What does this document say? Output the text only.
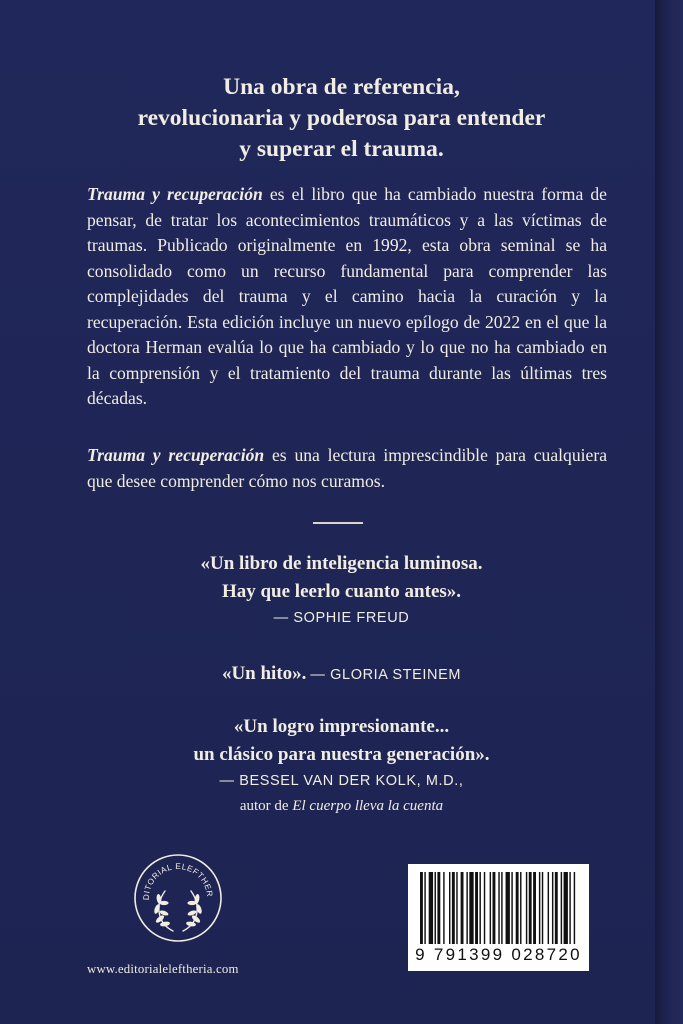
Una obra de referencia,
revolucionaria y poderosa para entender
y superar el trauma.

Trauma y recuperación es el libro que ha cambiado nuestra forma de pensar, de tratar los acontecimientos traumáticos y a las víctimas de traumas. Publicado originalmente en 1992, esta obra seminal se ha consolidado como un recurso fundamental para comprender las complejidades del trauma y el camino hacia la curación y la recuperación. Esta edición incluye un nuevo epílogo de 2022 en el que la doctora Herman evalúa lo que ha cambiado y lo que no ha cambiado en la comprensión y el tratamiento del trauma durante las últimas tres décadas.

Trauma y recuperación es una lectura imprescindible para cualquiera que desee comprender cómo nos curamos.

«Un libro de inteligencia luminosa.
Hay que leerlo cuanto antes».
— SOPHIE FREUD

«Un hito». — GLORIA STEINEM

«Un logro impresionante...
un clásico para nuestra generación».
— BESSEL VAN DER KOLK, M.D.,
autor de El cuerpo lleva la cuenta

DITORIAL ELEFTHER

www.editorialeleftheria.com

9 791399 028720
